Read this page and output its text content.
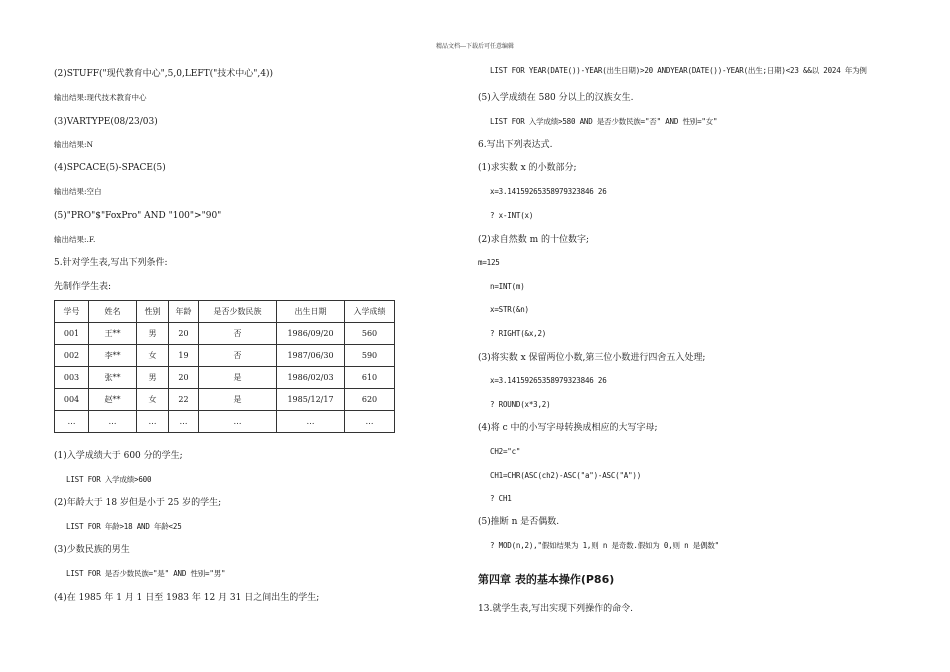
精品文档---下载后可任意编辑
(2)STUFF("现代教育中心",5,0,LEFT("技术中心",4))
输出结果:现代技术教育中心
(3)VARTYPE(08/23/03)
输出结果:N
(4)SPCACE(5)-SPACE(5)
输出结果:空白
(5)"PRO"$"FoxPro" AND "100">"90"
输出结果:.F.
5.针对学生表,写出下列条件:
先制作学生表:
(1)入学成绩大于 600 分的学生;
LIST FOR 入学成绩>600
(2)年龄大于 18 岁但是小于 25 岁的学生;
LIST FOR 年龄>18 AND 年龄<25
(3)少数民族的男生
LIST FOR 是否少数民族="是" AND 性别="男"
(4)在 1985 年 1 月 1 日至 1983 年 12 月 31 日之间出生的学生;
LIST FOR YEAR(DATE())-YEAR(出生日期)>20 ANDYEAR(DATE())-YEAR(出生;日期)<23 &&以 2024 年为例
(5)入学成绩在 580 分以上的汉族女生.
LIST FOR 入学成绩>580 AND 是否少数民族="否" AND 性别="女"
6.写出下列表达式.
(1)求实数 x 的小数部分;
x=3.14159265358979323846 26
? x-INT(x)
(2)求自然数 m 的十位数字;
m=125
n=INT(m)
x=STR(&n)
? RIGHT(&x,2)
(3)将实数 x 保留两位小数,第三位小数进行四舍五入处理;
x=3.14159265358979323846 26
? ROUND(x*3,2)
(4)将 c 中的小写字母转换成相应的大写字母;
CH2="c"
CH1=CHR(ASC(ch2)-ASC("a")-ASC("A"))
? CH1
(5)推断 n 是否偶数.
? MOD(n,2),"假如结果为 1,则 n 是奇数.假如为 0,则 n 是偶数"
第四章 表的基本操作(P86)
13.就学生表,写出实现下列操作的命令.
学号	姓名	性别	年龄	是否少数民族	出生日期	入学成绩
001	王**	男	20	否	1986/09/20	560
002	李**	女	19	否	1987/06/30	590
003	张**	男	20	是	1986/02/03	610
004	赵**	女	22	是	1985/12/17	620
…	…	…	…	…	…	…
